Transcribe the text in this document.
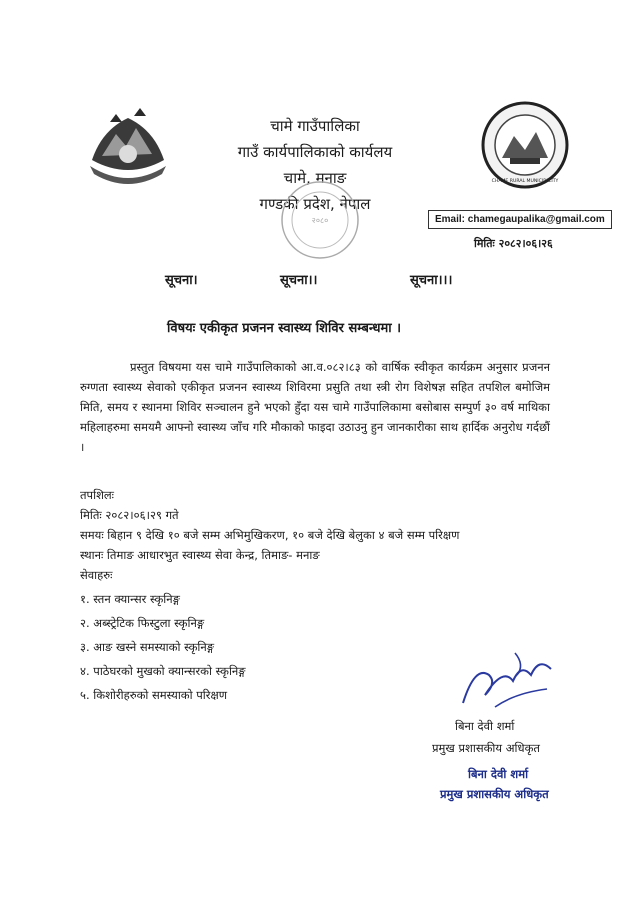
चामे गाउँपालिका
गाउँ कार्यपालिकाको कार्यलय
चामे, मनाङ
गण्डकी प्रदेश, नेपाल
२०८०
CHAME RURAL MUNICIPALITY
Email: chamegaupalika@gmail.com
मितिः २०८२।०६।२६
सूचना।	सूचना।।	सूचना।।।
विषयः एकीकृत प्रजनन स्वास्थ्य शिविर सम्बन्धमा ।
प्रस्तुत विषयमा यस चामे गाउँपालिकाको आ.व.०८२।८३ को वार्षिक स्वीकृत कार्यक्रम अनुसार प्रजनन रुग्णता स्वास्थ्य सेवाको एकीकृत प्रजनन स्वास्थ्य शिविरमा प्रसुति तथा स्त्री रोग विशेषज्ञ सहित तपशिल बमोजिम मिति, समय र स्थानमा शिविर सञ्चालन हुने भएको हुँदा यस चामे गाउँपालिकामा बसोबास सम्पुर्ण ३० वर्ष माथिका महिलाहरुमा समयमै आफ्नो स्वास्थ्य जाँच गरि मौकाको फाइदा उठाउनु हुन जानकारीका साथ हार्दिक अनुरोध गर्दछौं ।
तपशिलः
मितिः २०८२।०६।२९ गते
समयः बिहान ९ देखि १० बजे सम्म अभिमुखिकरण, १० बजे देखि बेलुका ४ बजे सम्म परिक्षण
स्थानः तिमाङ आधारभुत स्वास्थ्य सेवा केन्द्र, तिमाङ- मनाङ
सेवाहरुः
१. स्तन क्यान्सर स्कृनिङ्ग
२. अब्स्ट्रेटिक फिस्टुला स्कृनिङ्ग
३. आङ खस्ने समस्याको स्कृनिङ्ग
४. पाठेघरको मुखको क्यान्सरको स्कृनिङ्ग
५. किशोरीहरुको समस्याको परिक्षण
बिना देवी शर्मा
प्रमुख प्रशासकीय अधिकृत
बिना देवी शर्मा
प्रमुख प्रशासकीय अधिकृत
